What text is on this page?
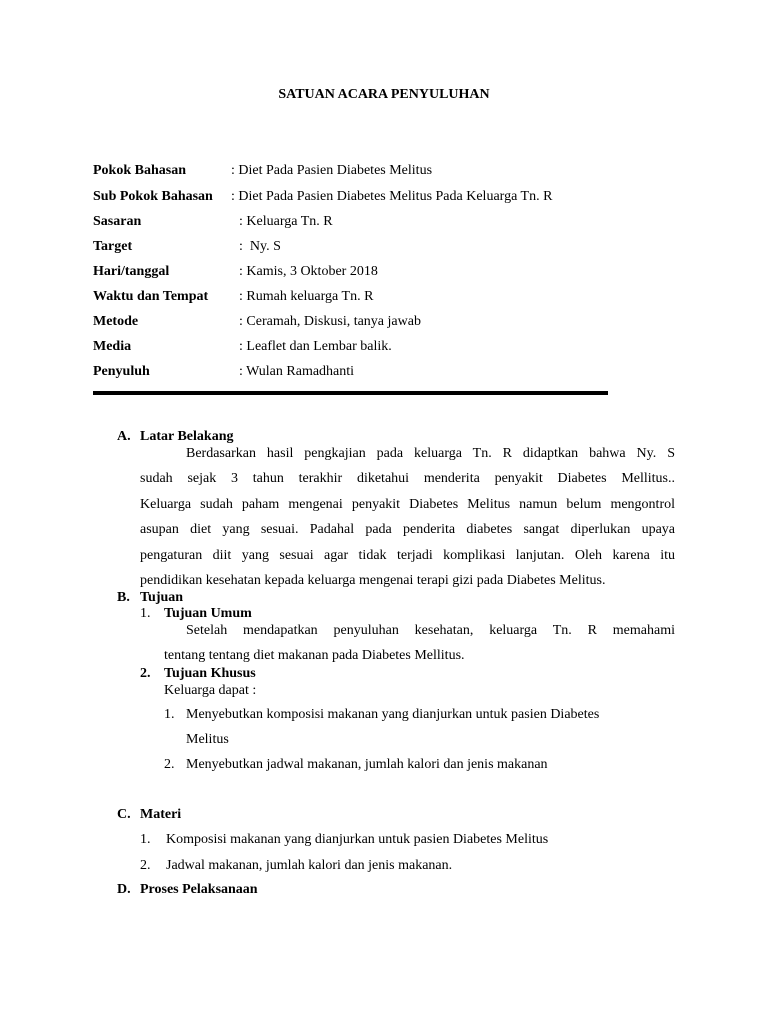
SATUAN ACARA PENYULUHAN
Pokok Bahasan	: Diet Pada Pasien Diabetes Melitus
Sub Pokok Bahasan : Diet Pada Pasien Diabetes Melitus Pada Keluarga Tn. R
Sasaran	: Keluarga Tn. R
Target	:  Ny. S
Hari/tanggal	: Kamis, 3 Oktober 2018
Waktu dan Tempat : Rumah keluarga Tn. R
Metode	: Ceramah, Diskusi, tanya jawab
Media	: Leaflet dan Lembar balik.
Penyuluh	: Wulan Ramadhanti
A. Latar Belakang
Berdasarkan hasil pengkajian pada keluarga Tn. R didaptkan bahwa Ny. S
sudah sejak 3 tahun terakhir diketahui menderita penyakit Diabetes Mellitus..
Keluarga sudah paham mengenai penyakit Diabetes Melitus namun belum mengontrol
asupan diet yang sesuai. Padahal pada penderita diabetes sangat diperlukan upaya
pengaturan diit yang sesuai agar tidak terjadi komplikasi lanjutan. Oleh karena itu
pendidikan kesehatan kepada keluarga mengenai terapi gizi pada Diabetes Melitus.
B. Tujuan
1. Tujuan Umum
Setelah mendapatkan penyuluhan kesehatan, keluarga Tn. R memahami
tentang tentang diet makanan pada Diabetes Mellitus.
2. Tujuan Khusus
Keluarga dapat :
1. Menyebutkan komposisi makanan yang dianjurkan untuk pasien Diabetes
Melitus
2. Menyebutkan jadwal makanan, jumlah kalori dan jenis makanan
C. Materi
1. Komposisi makanan yang dianjurkan untuk pasien Diabetes Melitus
2. Jadwal makanan, jumlah kalori dan jenis makanan.
D. Proses Pelaksanaan
